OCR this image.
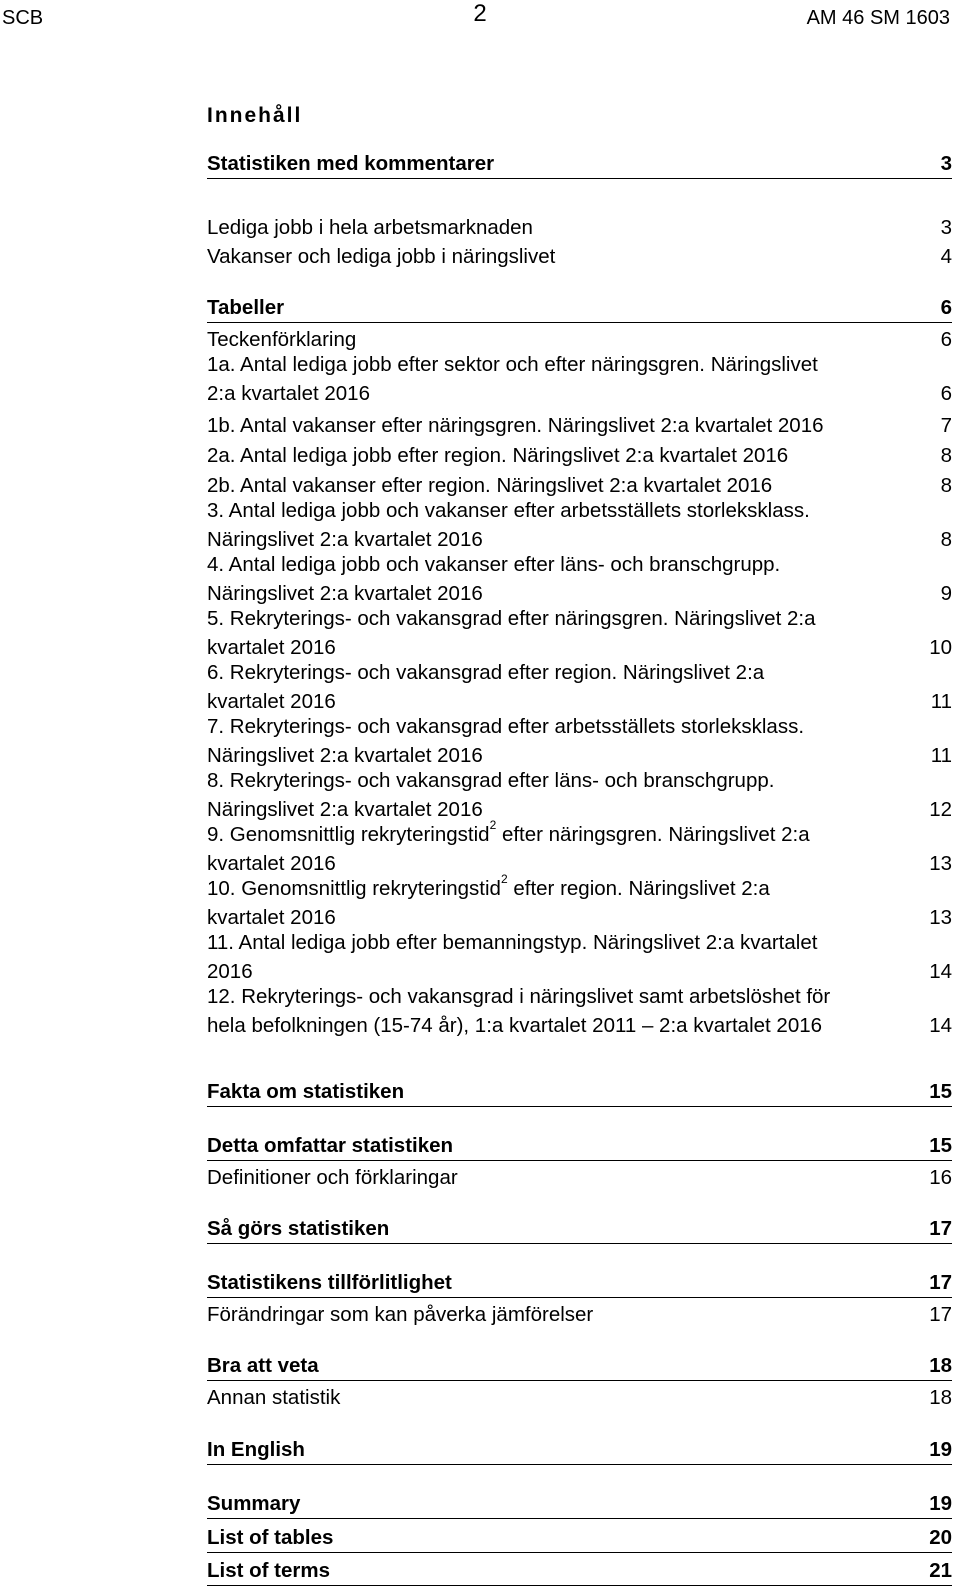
SCB	2	AM 46 SM 1603
Innehåll
Statistiken med kommentarer	3
Lediga jobb i hela arbetsmarknaden	3
Vakanser och lediga jobb i näringslivet	4
Tabeller	6
Teckenförklaring	6
1a. Antal lediga jobb efter sektor och efter näringsgren. Näringslivet
2:a kvartalet 2016	6
1b. Antal vakanser efter näringsgren. Näringslivet 2:a kvartalet 2016	7
2a. Antal lediga jobb efter region. Näringslivet 2:a kvartalet 2016	8
2b. Antal vakanser efter region. Näringslivet 2:a kvartalet 2016	8
3. Antal lediga jobb och vakanser efter arbetsställets storleksklass.
Näringslivet 2:a kvartalet 2016	8
4. Antal lediga jobb och vakanser efter läns- och branschgrupp.
Näringslivet 2:a kvartalet 2016	9
5. Rekryterings- och vakansgrad efter näringsgren. Näringslivet 2:a
kvartalet 2016	10
6. Rekryterings- och vakansgrad efter region. Näringslivet 2:a
kvartalet 2016	11
7. Rekryterings- och vakansgrad efter arbetsställets storleksklass.
Näringslivet 2:a kvartalet 2016	11
8. Rekryterings- och vakansgrad efter läns- och branschgrupp.
Näringslivet 2:a kvartalet 2016	12
9. Genomsnittlig rekryteringstid$^2$ efter näringsgren. Näringslivet 2:a
kvartalet 2016	13
10. Genomsnittlig rekryteringstid$^2$ efter region. Näringslivet 2:a
kvartalet 2016	13
11. Antal lediga jobb efter bemanningstyp. Näringslivet 2:a kvartalet
2016	14
12. Rekryterings- och vakansgrad i näringslivet samt arbetslöshet för
hela befolkningen (15-74 år), 1:a kvartalet 2011 – 2:a kvartalet 2016	14
Fakta om statistiken	15
Detta omfattar statistiken	15
Definitioner och förklaringar	16
Så görs statistiken	17
Statistikens tillförlitlighet	17
Förändringar som kan påverka jämförelser	17
Bra att veta	18
Annan statistik	18
In English	19
Summary	19
List of tables	20
List of terms	21
